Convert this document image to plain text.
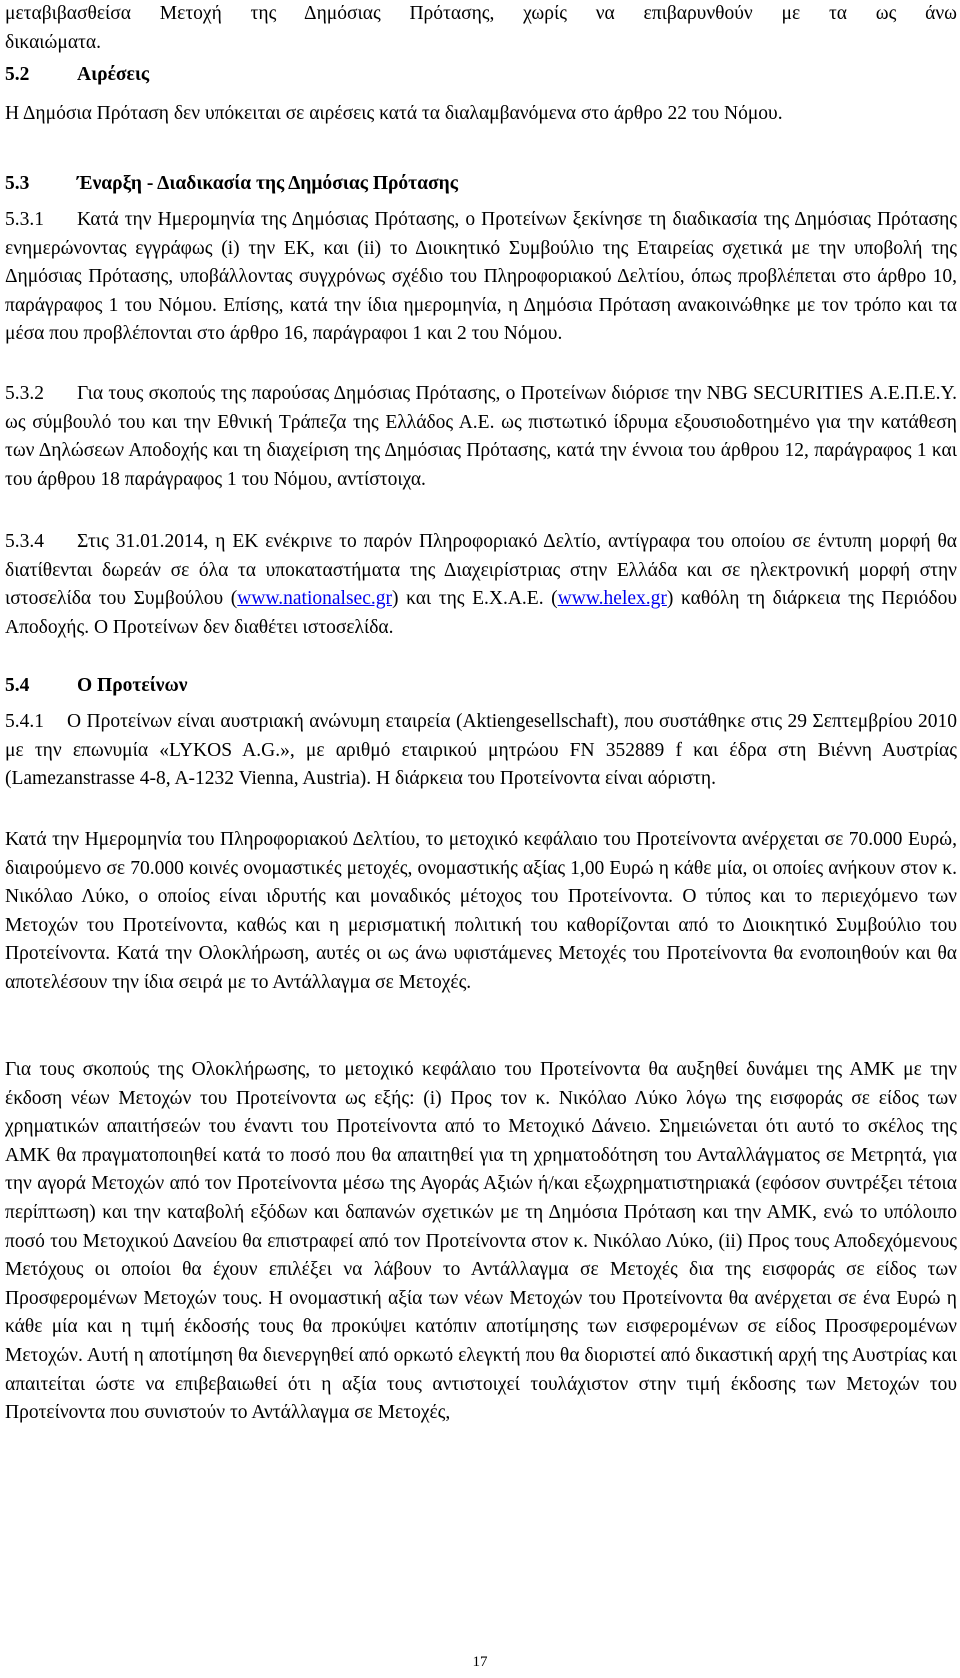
μεταβιβασθείσα Μετοχή της Δημόσιας Πρότασης, χωρίς να επιβαρυνθούν με τα ως άνω
δικαιώματα.
5.2 Αιρέσεις
Η Δημόσια Πρόταση δεν υπόκειται σε αιρέσεις κατά τα διαλαμβανόμενα στο άρθρο 22 του Νόμου.
5.3 Έναρξη - Διαδικασία της Δημόσιας Πρότασης
5.3.1 Κατά την Ημερομηνία της Δημόσιας Πρότασης, ο Προτείνων ξεκίνησε τη διαδικασία της Δημόσιας Πρότασης ενημερώνοντας εγγράφως (i) την ΕΚ, και (ii) το Διοικητικό Συμβούλιο της Εταιρείας σχετικά με την υποβολή της Δημόσιας Πρότασης, υποβάλλοντας συγχρόνως σχέδιο του Πληροφοριακού Δελτίου, όπως προβλέπεται στο άρθρο 10, παράγραφος 1 του Νόμου. Επίσης, κατά την ίδια ημερομηνία, η Δημόσια Πρόταση ανακοινώθηκε με τον τρόπο και τα μέσα που προβλέπονται στο άρθρο 16, παράγραφοι 1 και 2 του Νόμου.
5.3.2 Για τους σκοπούς της παρούσας Δημόσιας Πρότασης, ο Προτείνων διόρισε την NBG SECURITIES Α.Ε.Π.Ε.Υ. ως σύμβουλό του και την Εθνική Τράπεζα της Ελλάδος Α.Ε. ως πιστωτικό ίδρυμα εξουσιοδοτημένο για την κατάθεση των Δηλώσεων Αποδοχής και τη διαχείριση της Δημόσιας Πρότασης, κατά την έννοια του άρθρου 12, παράγραφος 1 και του άρθρου 18 παράγραφος 1 του Νόμου, αντίστοιχα.
5.3.4 Στις 31.01.2014, η ΕΚ ενέκρινε το παρόν Πληροφοριακό Δελτίο, αντίγραφα του οποίου σε έντυπη μορφή θα διατίθενται δωρεάν σε όλα τα υποκαταστήματα της Διαχειρίστριας στην Ελλάδα και σε ηλεκτρονική μορφή στην ιστοσελίδα του Συμβούλου (www.nationalsec.gr) και της Ε.Χ.Α.Ε. (www.helex.gr) καθόλη τη διάρκεια της Περιόδου Αποδοχής. Ο Προτείνων δεν διαθέτει ιστοσελίδα.
5.4 Ο Προτείνων
5.4.1 Ο Προτείνων είναι αυστριακή ανώνυμη εταιρεία (Aktiengesellschaft), που συστάθηκε στις 29 Σεπτεμβρίου 2010 με την επωνυμία «LYKOS A.G.», με αριθμό εταιρικού μητρώου FN 352889 f και έδρα στη Βιέννη Αυστρίας (Lamezanstrasse 4-8, A-1232 Vienna, Austria). Η διάρκεια του Προτείνοντα είναι αόριστη.
Κατά την Ημερομηνία του Πληροφοριακού Δελτίου, το μετοχικό κεφάλαιο του Προτείνοντα ανέρχεται σε 70.000 Ευρώ, διαιρούμενο σε 70.000 κοινές ονομαστικές μετοχές, ονομαστικής αξίας 1,00 Ευρώ η κάθε μία, οι οποίες ανήκουν στον κ. Νικόλαο Λύκο, ο οποίος είναι ιδρυτής και μοναδικός μέτοχος του Προτείνοντα. Ο τύπος και το περιεχόμενο των Μετοχών του Προτείνοντα, καθώς και η μερισματική πολιτική του καθορίζονται από το Διοικητικό Συμβούλιο του Προτείνοντα. Κατά την Ολοκλήρωση, αυτές οι ως άνω υφιστάμενες Μετοχές του Προτείνοντα θα ενοποιηθούν και θα αποτελέσουν την ίδια σειρά με το Αντάλλαγμα σε Μετοχές.
Για τους σκοπούς της Ολοκλήρωσης, το μετοχικό κεφάλαιο του Προτείνοντα θα αυξηθεί δυνάμει της ΑΜΚ με την έκδοση νέων Μετοχών του Προτείνοντα ως εξής: (i) Προς τον κ. Νικόλαο Λύκο λόγω της εισφοράς σε είδος των χρηματικών απαιτήσεών του έναντι του Προτείνοντα από το Μετοχικό Δάνειο. Σημειώνεται ότι αυτό το σκέλος της ΑΜΚ θα πραγματοποιηθεί κατά το ποσό που θα απαιτηθεί για τη χρηματοδότηση του Ανταλλάγματος σε Μετρητά, για την αγορά Μετοχών από τον Προτείνοντα μέσω της Αγοράς Αξιών ή/και εξωχρηματιστηριακά (εφόσον συντρέξει τέτοια περίπτωση) και την καταβολή εξόδων και δαπανών σχετικών με τη Δημόσια Πρόταση και την ΑΜΚ, ενώ το υπόλοιπο ποσό του Μετοχικού Δανείου θα επιστραφεί από τον Προτείνοντα στον κ. Νικόλαο Λύκο, (ii) Προς τους Αποδεχόμενους Μετόχους οι οποίοι θα έχουν επιλέξει να λάβουν το Αντάλλαγμα σε Μετοχές δια της εισφοράς σε είδος των Προσφερομένων Μετοχών τους. Η ονομαστική αξία των νέων Μετοχών του Προτείνοντα θα ανέρχεται σε ένα Ευρώ η κάθε μία και η τιμή έκδοσής τους θα προκύψει κατόπιν αποτίμησης των εισφερομένων σε είδος Προσφερομένων Μετοχών. Αυτή η αποτίμηση θα διενεργηθεί από ορκωτό ελεγκτή που θα διοριστεί από δικαστική αρχή της Αυστρίας και απαιτείται ώστε να επιβεβαιωθεί ότι η αξία τους αντιστοιχεί τουλάχιστον στην τιμή έκδοσης των Μετοχών του Προτείνοντα που συνιστούν το Αντάλλαγμα σε Μετοχές,
17
